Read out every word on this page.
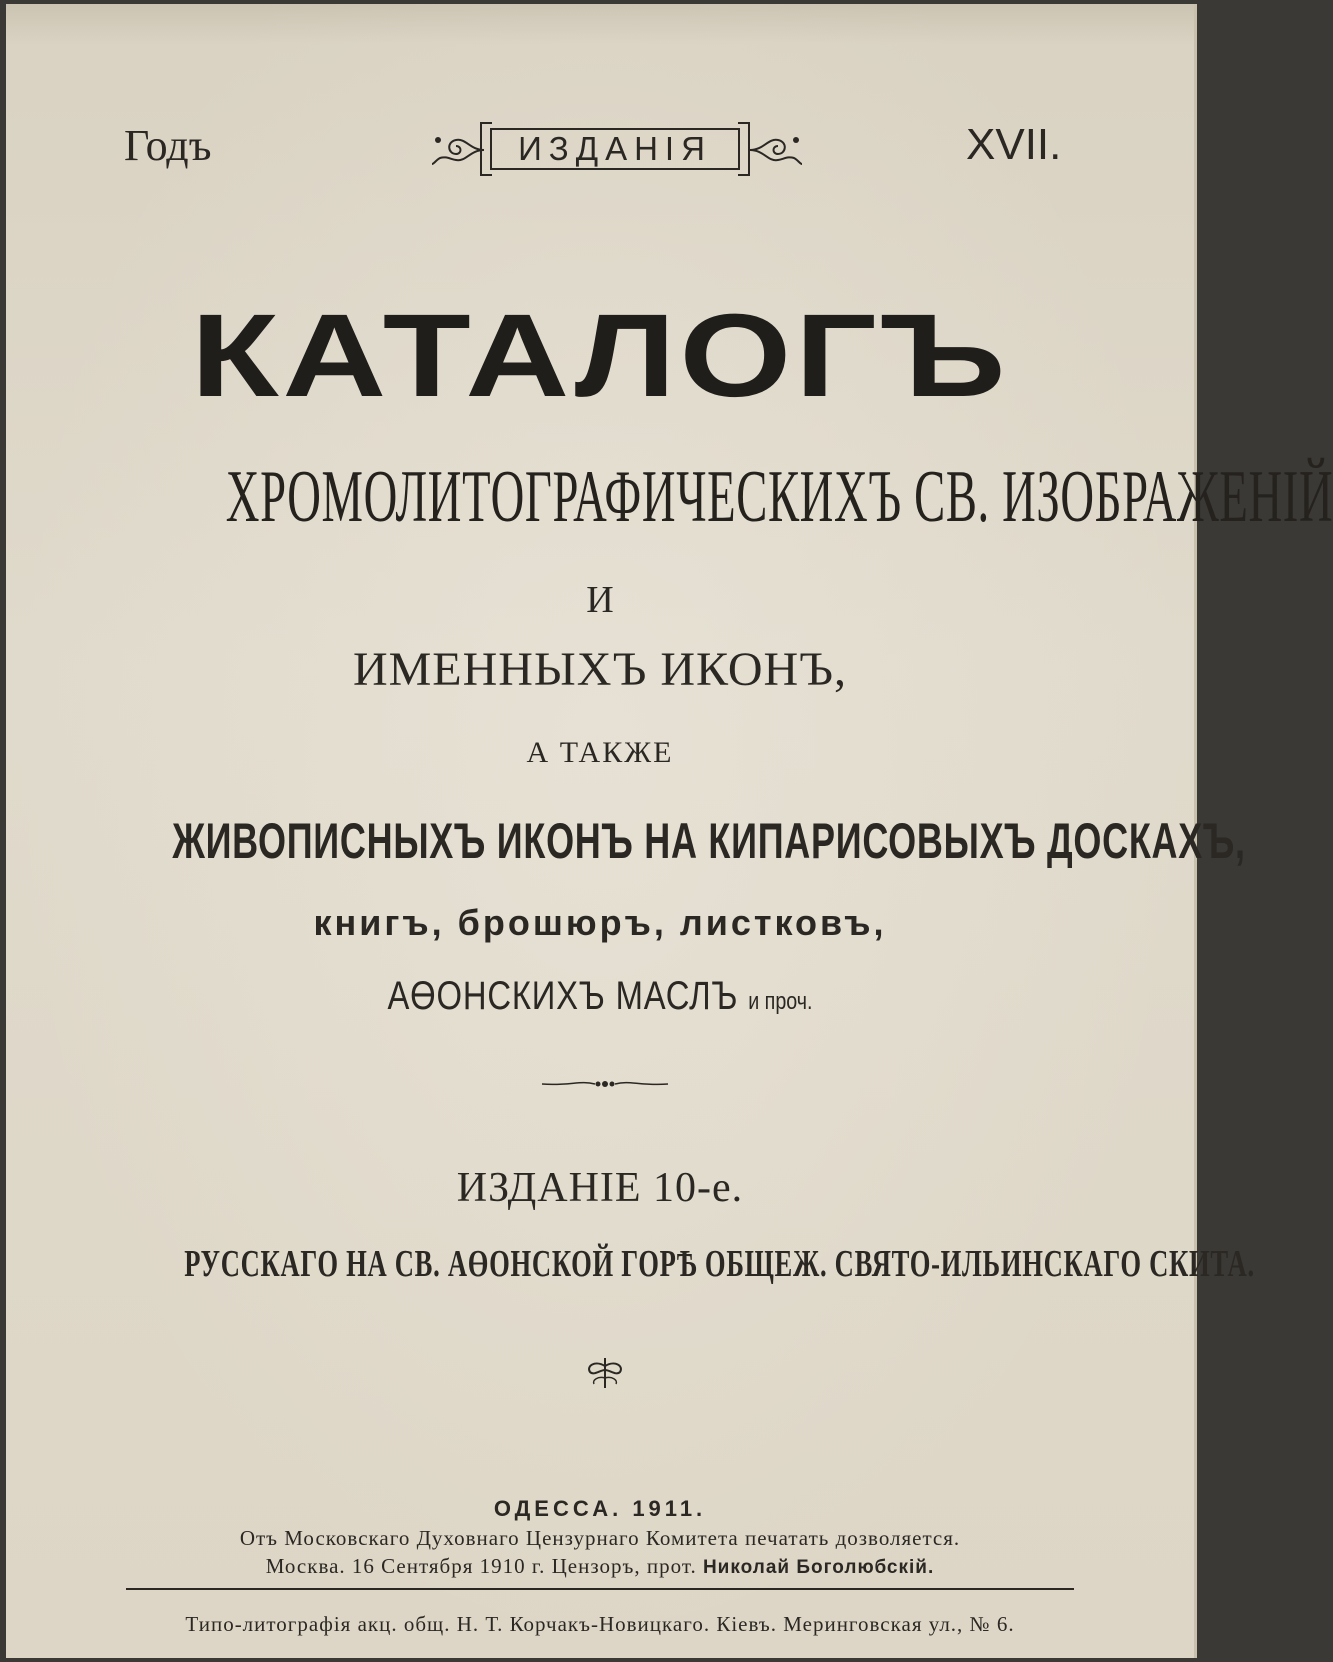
Годъ	ИЗДАНІЯ	XVII.
КАТАЛОГЪ
ХРОМОЛИТОГРАФИЧЕСКИХЪ СВ. ИЗОБРАЖЕНІЙ
И
ИМЕННЫХЪ ИКОНЪ,
А ТАКЖЕ
ЖИВОПИСНЫХЪ ИКОНЪ НА КИПАРИСОВЫХЪ ДОСКАХЪ,
книгъ, брошюръ, листковъ,
АӨОНСКИХЪ МАСЛЪ и проч.
ИЗДАНІЕ 10-е.
РУССКАГО НА СВ. АӨОНСКОЙ ГОРѢ ОБЩЕЖ. СВЯТО-ИЛЬИНСКАГО СКИТА.
ОДЕССА. 1911.
Отъ Московскаго Духовнаго Цензурнаго Комитета печатать дозволяется.
Москва. 16 Сентября 1910 г. Цензоръ, прот. Николай Боголюбскій.
Типо-литографія акц. общ. Н. Т. Корчакъ-Новицкаго. Кіевъ. Меринговская ул., № 6.
